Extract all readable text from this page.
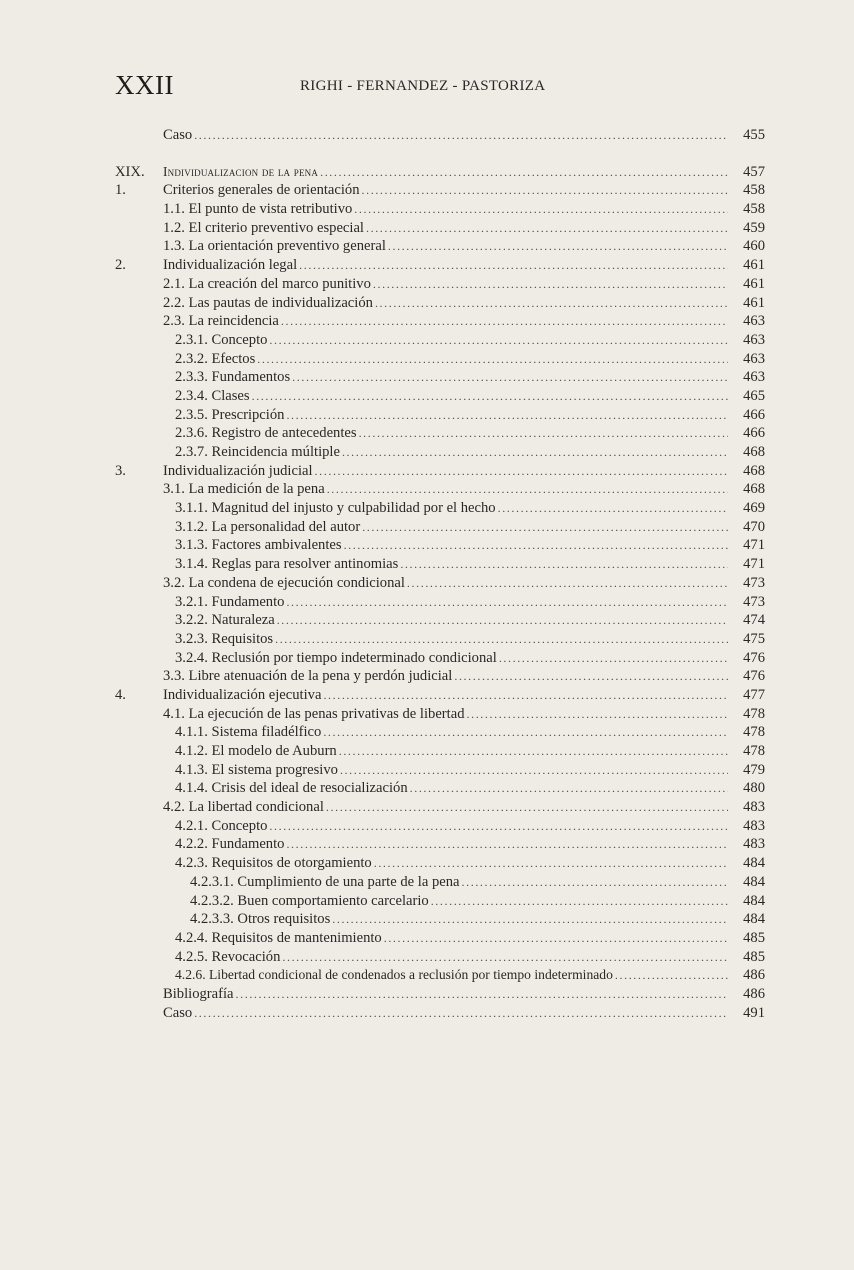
XXII	RIGHI - FERNANDEZ - PASTORIZA
Caso .....	455
XIX.	Individualizacion de la pena .....	457
1.	Criterios generales de orientación .....	458
1.1. El punto de vista retributivo .....	458
1.2. El criterio preventivo especial .....	459
1.3. La orientación preventivo general .....	460
2.	Individualización legal .....	461
2.1. La creación del marco punitivo .....	461
2.2. Las pautas de individualización .....	461
2.3. La reincidencia .....	463
2.3.1. Concepto .....	463
2.3.2. Efectos .....	463
2.3.3. Fundamentos .....	463
2.3.4. Clases .....	465
2.3.5. Prescripción .....	466
2.3.6. Registro de antecedentes .....	466
2.3.7. Reincidencia múltiple .....	468
3.	Individualización judicial .....	468
3.1. La medición de la pena .....	468
3.1.1. Magnitud del injusto y culpabilidad por el hecho .....	469
3.1.2. La personalidad del autor .....	470
3.1.3. Factores ambivalentes .....	471
3.1.4. Reglas para resolver antinomias .....	471
3.2. La condena de ejecución condicional .....	473
3.2.1. Fundamento .....	473
3.2.2. Naturaleza .....	474
3.2.3. Requisitos .....	475
3.2.4. Reclusión por tiempo indeterminado condicional .....	476
3.3. Libre atenuación de la pena y perdón judicial .....	476
4.	Individualización ejecutiva .....	477
4.1. La ejecución de las penas privativas de libertad .....	478
4.1.1. Sistema filadélfico .....	478
4.1.2. El modelo de Auburn .....	478
4.1.3. El sistema progresivo .....	479
4.1.4. Crisis del ideal de resocialización .....	480
4.2. La libertad condicional .....	483
4.2.1. Concepto .....	483
4.2.2. Fundamento .....	483
4.2.3. Requisitos de otorgamiento .....	484
4.2.3.1. Cumplimiento de una parte de la pena .....	484
4.2.3.2. Buen comportamiento carcelario .....	484
4.2.3.3. Otros requisitos .....	484
4.2.4. Requisitos de mantenimiento .....	485
4.2.5. Revocación .....	485
4.2.6. Libertad condicional de condenados a reclusión por tiempo indeterminado .....	486
Bibliografía .....	486
Caso .....	491
